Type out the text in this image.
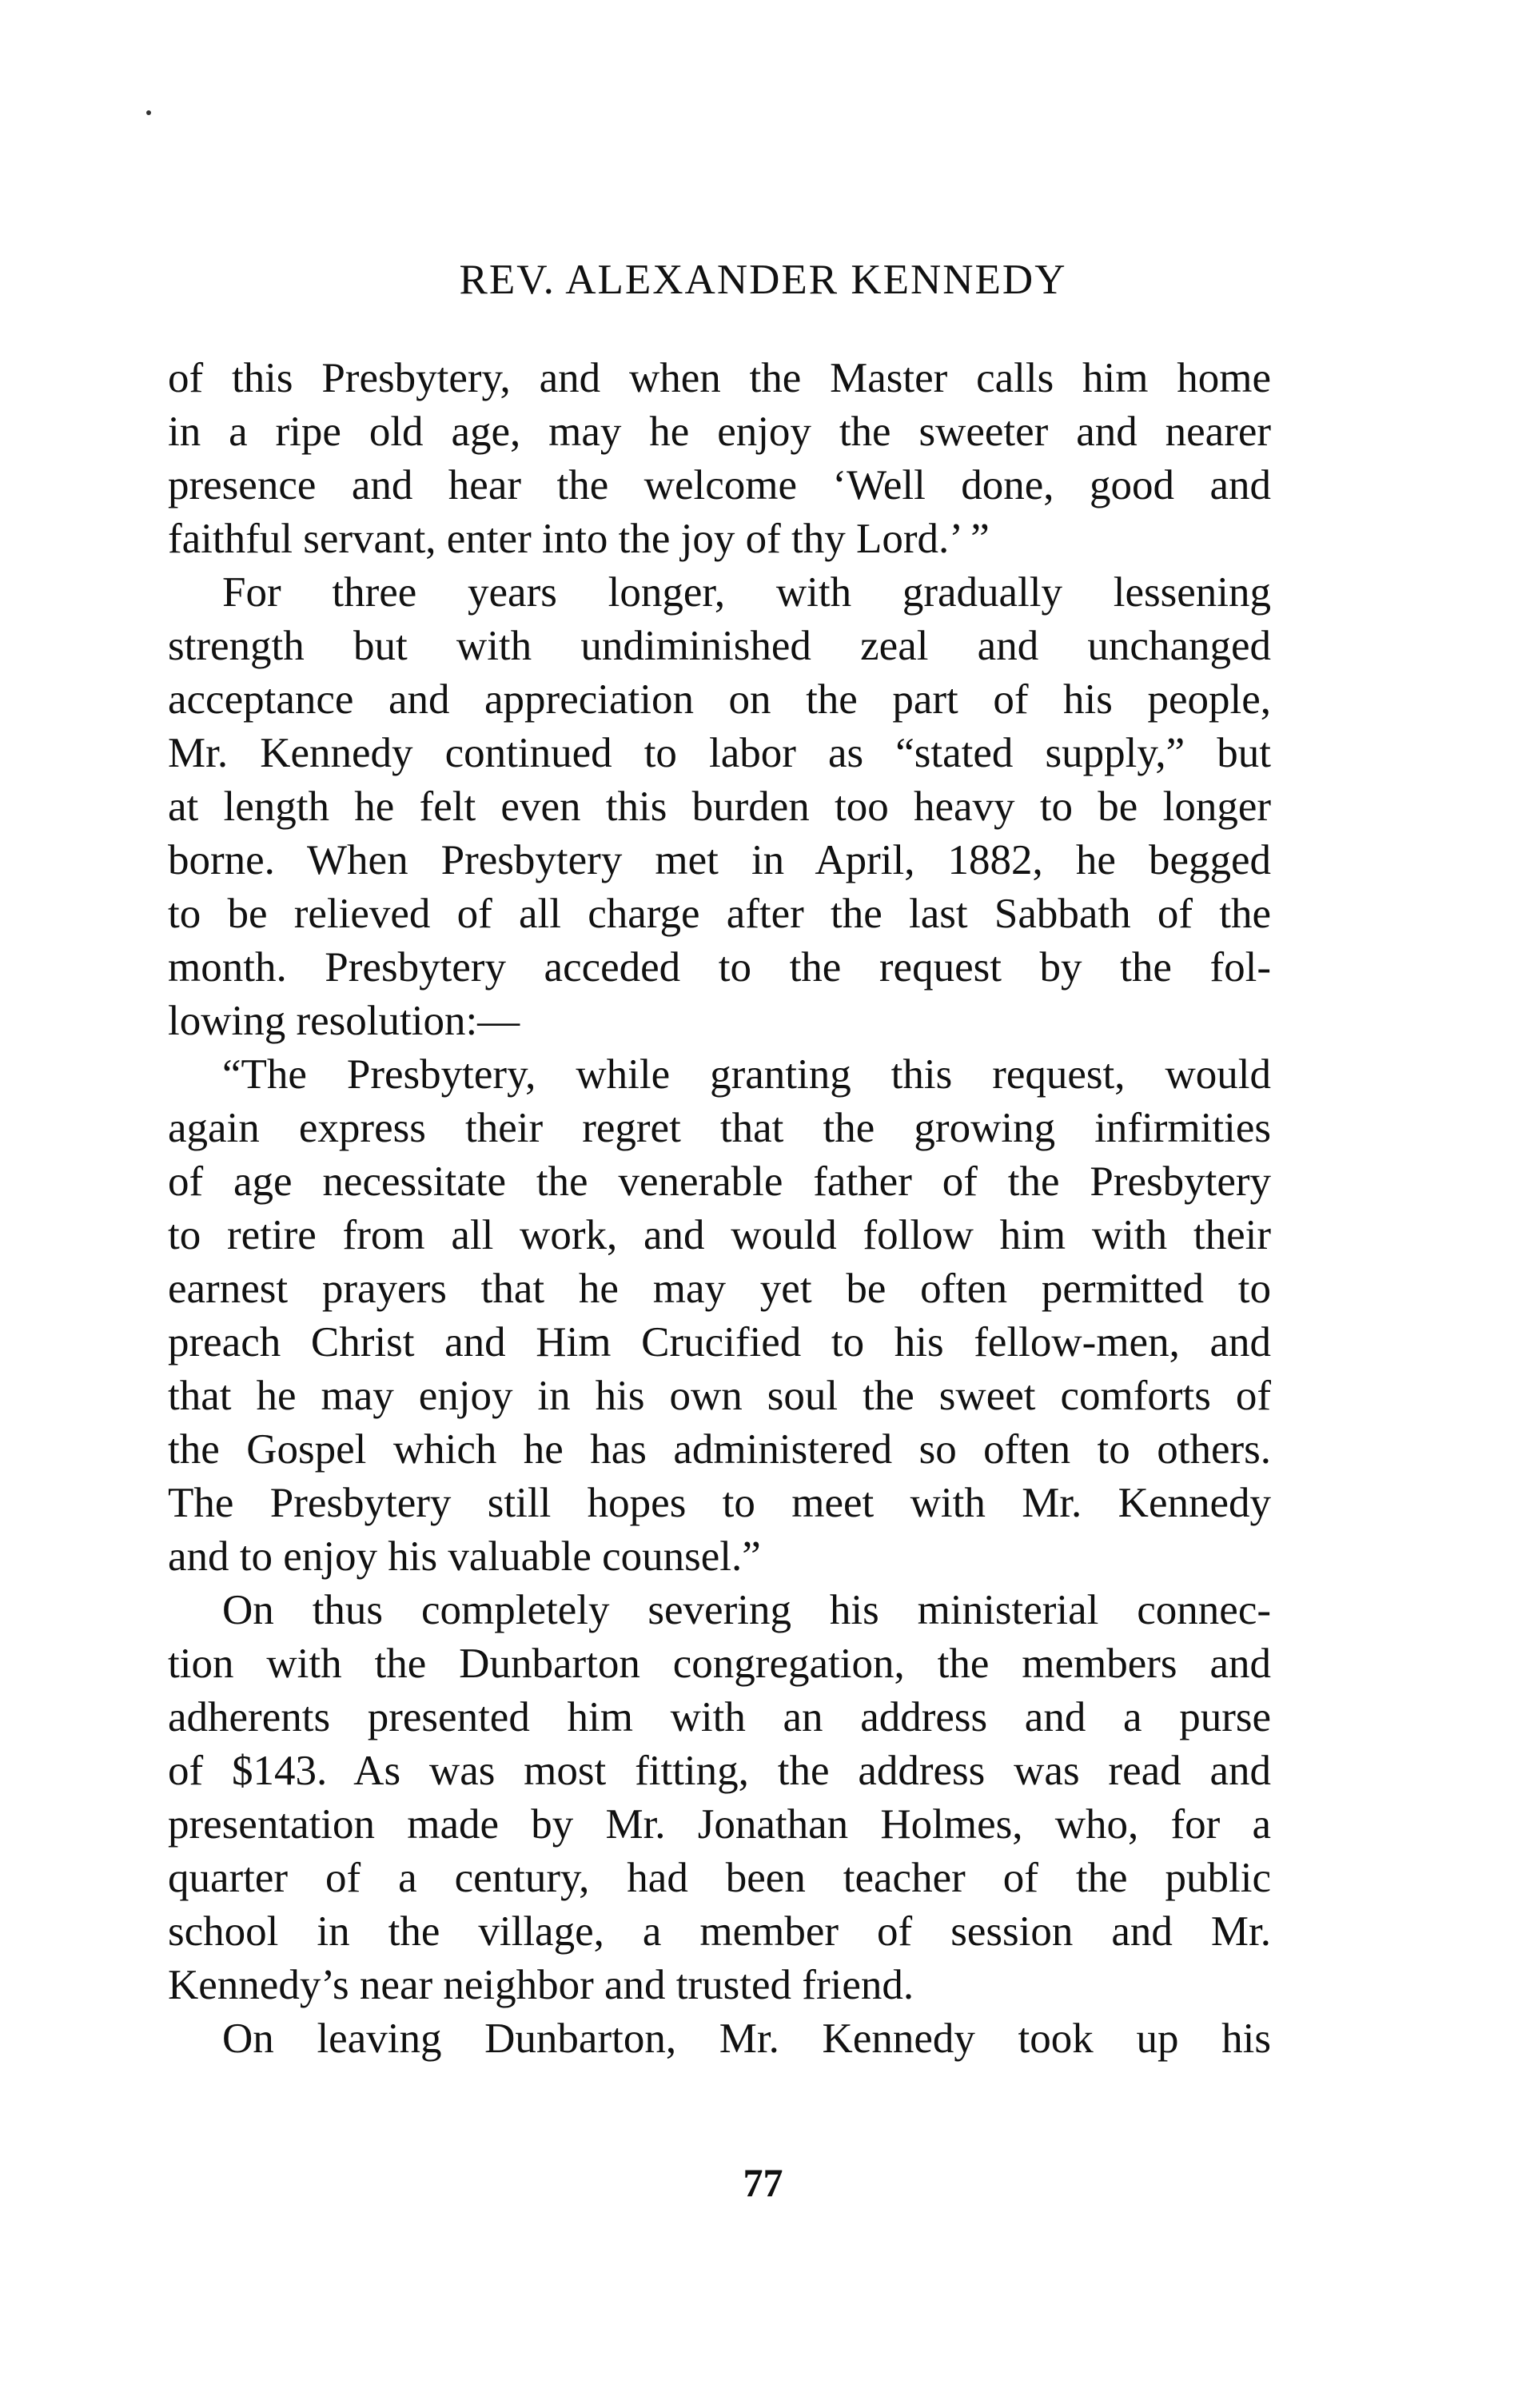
REV. ALEXANDER KENNEDY
of this Presbytery, and when the Master calls him home
in a ripe old age, may he enjoy the sweeter and nearer
presence and hear the welcome ‘Well done, good and
faithful servant, enter into the joy of thy Lord.’ ”
For three years longer, with gradually lessening
strength but with undiminished zeal and unchanged
acceptance and appreciation on the part of his people,
Mr. Kennedy continued to labor as “stated supply,” but
at length he felt even this burden too heavy to be longer
borne. When Presbytery met in April, 1882, he begged
to be relieved of all charge after the last Sabbath of the
month. Presbytery acceded to the request by the fol-
lowing resolution:—
“The Presbytery, while granting this request, would
again express their regret that the growing infirmities
of age necessitate the venerable father of the Presbytery
to retire from all work, and would follow him with their
earnest prayers that he may yet be often permitted to
preach Christ and Him Crucified to his fellow-men, and
that he may enjoy in his own soul the sweet comforts of
the Gospel which he has administered so often to others.
The Presbytery still hopes to meet with Mr. Kennedy
and to enjoy his valuable counsel.”
On thus completely severing his ministerial connec-
tion with the Dunbarton congregation, the members and
adherents presented him with an address and a purse
of $143. As was most fitting, the address was read and
presentation made by Mr. Jonathan Holmes, who, for a
quarter of a century, had been teacher of the public
school in the village, a member of session and Mr.
Kennedy’s near neighbor and trusted friend.
On leaving Dunbarton, Mr. Kennedy took up his
77
